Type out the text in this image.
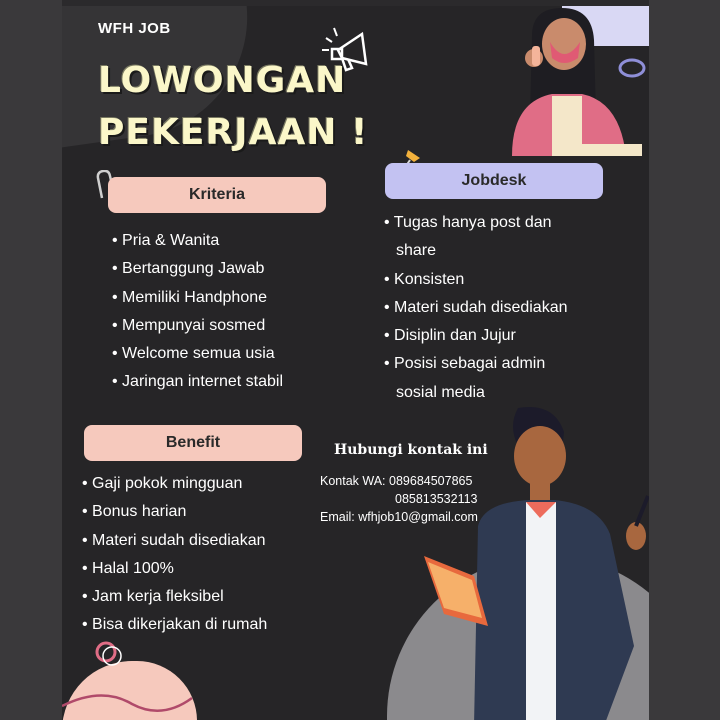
WFH JOB
LOWONGAN
PEKERJAAN !
Kriteria
• Pria & Wanita
• Bertanggung Jawab
• Memiliki Handphone
• Mempunyai sosmed
• Welcome semua usia
• Jaringan internet stabil
Jobdesk
• Tugas hanya post dan
share
• Konsisten
• Materi sudah disediakan
• Disiplin dan Jujur
• Posisi sebagai admin
sosial media
Benefit
• Gaji pokok mingguan
• Bonus harian
• Materi sudah disediakan
• Halal 100%
• Jam kerja fleksibel
• Bisa dikerjakan di rumah
Hubungi kontak ini
Kontak WA: 089684507865
085813532113
Email: wfhjob10@gmail.com
